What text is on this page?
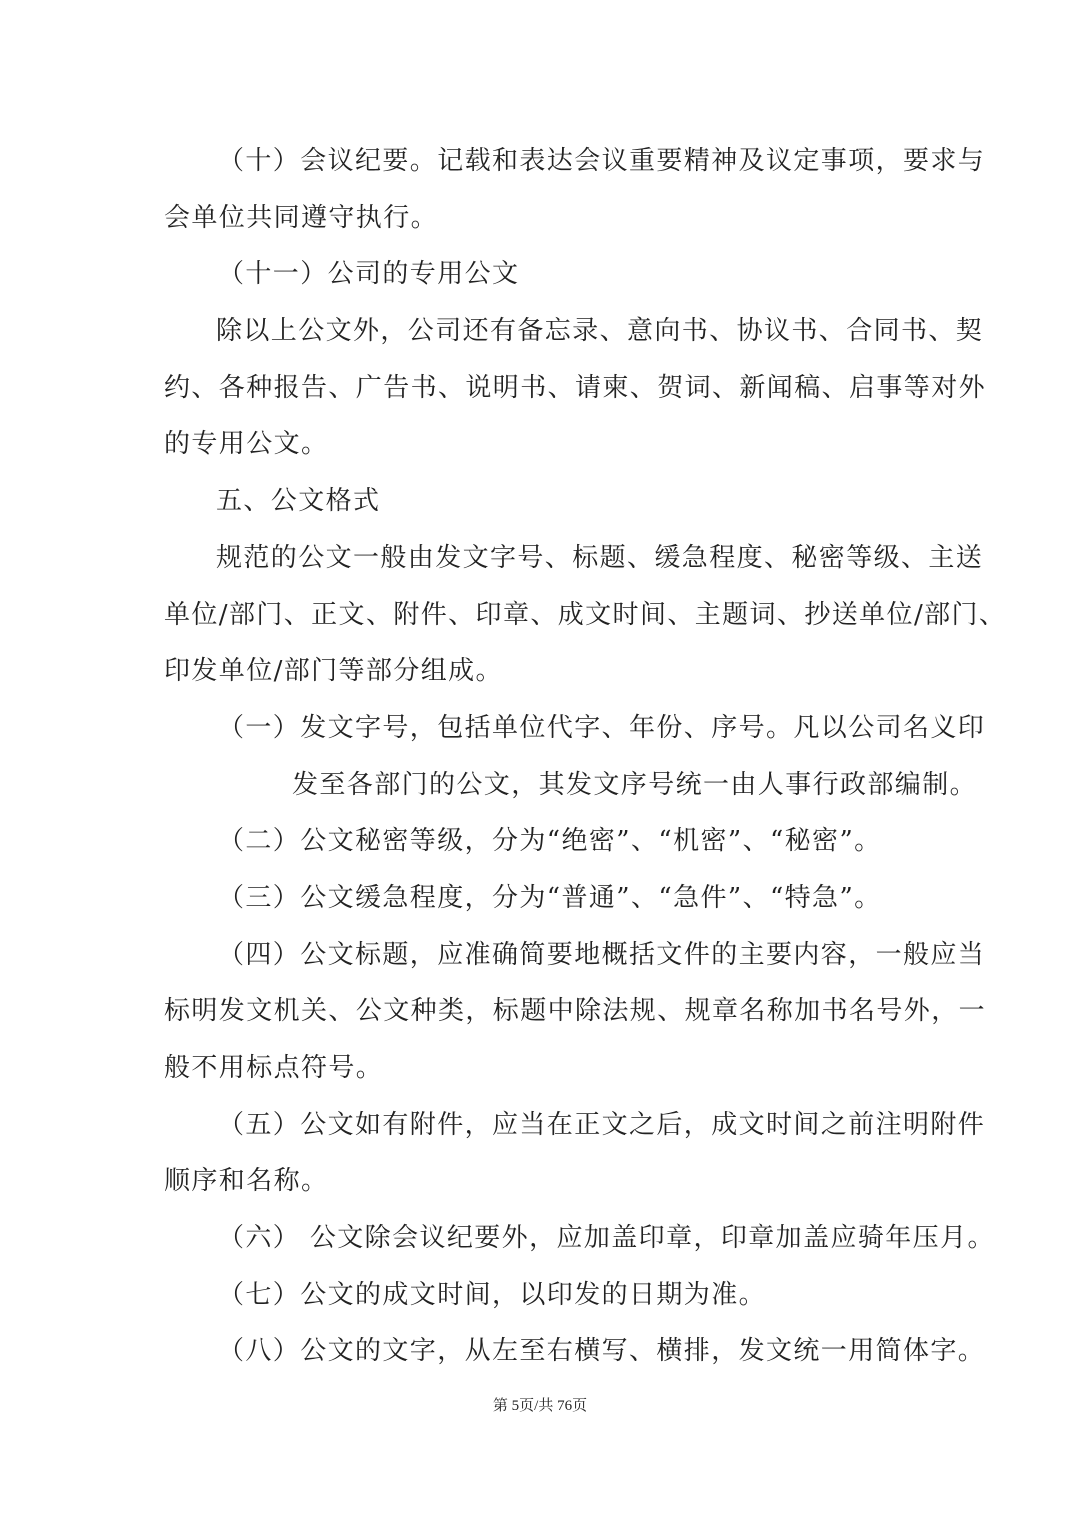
（十）会议纪要。记载和表达会议重要精神及议定事项，要求与
会单位共同遵守执行。
（十一）公司的专用公文
除以上公文外，公司还有备忘录、意向书、协议书、合同书、契
约、各种报告、广告书、说明书、请柬、贺词、新闻稿、启事等对外
的专用公文。
五、公文格式
规范的公文一般由发文字号、标题、缓急程度、秘密等级、主送
单位/部门、正文、附件、印章、成文时间、主题词、抄送单位/部门、
印发单位/部门等部分组成。
（一）发文字号，包括单位代字、年份、序号。凡以公司名义印
发至各部门的公文，其发文序号统一由人事行政部编制。
（二）公文秘密等级，分为“绝密”、“机密”、“秘密”。
（三）公文缓急程度，分为“普通”、“急件”、“特急”。
（四）公文标题，应准确简要地概括文件的主要内容，一般应当
标明发文机关、公文种类，标题中除法规、规章名称加书名号外，一
般不用标点符号。
（五）公文如有附件，应当在正文之后，成文时间之前注明附件
顺序和名称。
（六） 公文除会议纪要外，应加盖印章，印章加盖应骑年压月。
（七）公文的成文时间，以印发的日期为准。
（八）公文的文字，从左至右横写、横排，发文统一用简体字。
第 5页/共 76页
